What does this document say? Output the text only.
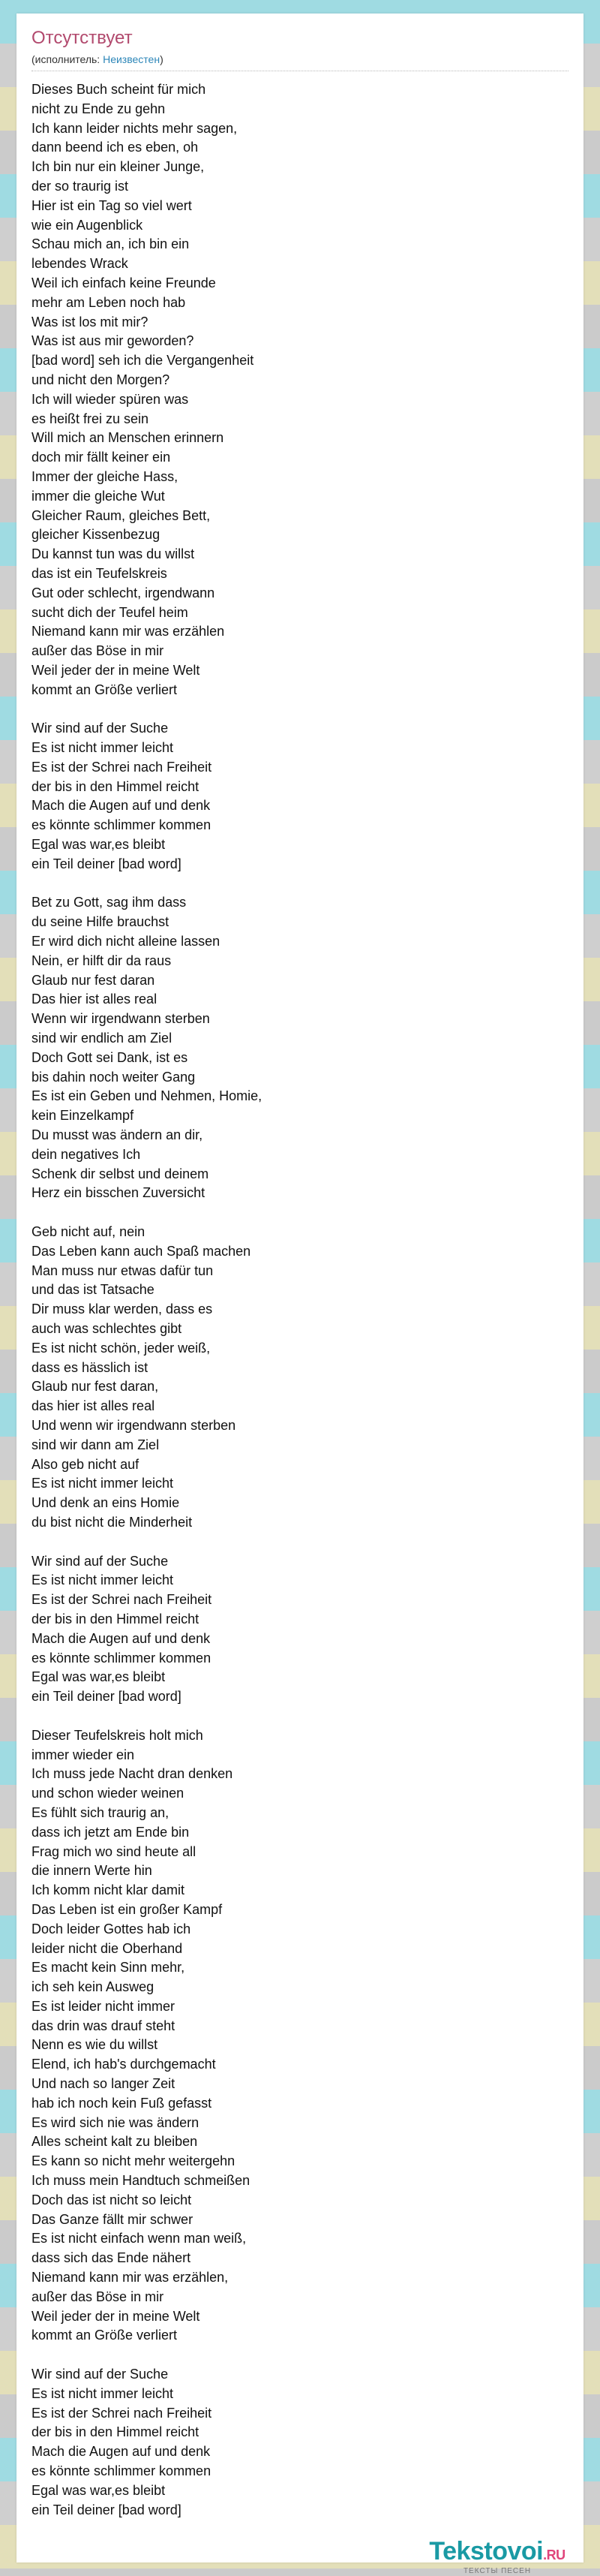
Отсутствует
(исполнитель: Неизвестен)
Dieses Buch scheint für mich
nicht zu Ende zu gehn
Ich kann leider nichts mehr sagen,
dann beend ich es eben, oh
Ich bin nur ein kleiner Junge,
der so traurig ist
Hier ist ein Tag so viel wert
wie ein Augenblick
Schau mich an, ich bin ein
lebendes Wrack
Weil ich einfach keine Freunde
mehr am Leben noch hab
Was ist los mit mir?
Was ist aus mir geworden?
[bad word] seh ich die Vergangenheit
und nicht den Morgen?
Ich will wieder spüren was
es heißt frei zu sein
Will mich an Menschen erinnern
doch mir fällt keiner ein
Immer der gleiche Hass,
immer die gleiche Wut
Gleicher Raum, gleiches Bett,
gleicher Kissenbezug
Du kannst tun was du willst
das ist ein Teufelskreis
Gut oder schlecht, irgendwann
sucht dich der Teufel heim
Niemand kann mir was erzählen
außer das Böse in mir
Weil jeder der in meine Welt
kommt an Größe verliert
Wir sind auf der Suche
Es ist nicht immer leicht
Es ist der Schrei nach Freiheit
der bis in den Himmel reicht
Mach die Augen auf und denk
es könnte schlimmer kommen
Egal was war,es bleibt
ein Teil deiner [bad word]
Bet zu Gott, sag ihm dass
du seine Hilfe brauchst
Er wird dich nicht alleine lassen
Nein, er hilft dir da raus
Glaub nur fest daran
Das hier ist alles real
Wenn wir irgendwann sterben
sind wir endlich am Ziel
Doch Gott sei Dank, ist es
bis dahin noch weiter Gang
Es ist ein Geben und Nehmen, Homie,
kein Einzelkampf
Du musst was ändern an dir,
dein negatives Ich
Schenk dir selbst und deinem
Herz ein bisschen Zuversicht
Geb nicht auf, nein
Das Leben kann auch Spaß machen
Man muss nur etwas dafür tun
und das ist Tatsache
Dir muss klar werden, dass es
auch was schlechtes gibt
Es ist nicht schön, jeder weiß,
dass es hässlich ist
Glaub nur fest daran,
das hier ist alles real
Und wenn wir irgendwann sterben
sind wir dann am Ziel
Also geb nicht auf
Es ist nicht immer leicht
Und denk an eins Homie
du bist nicht die Minderheit
Wir sind auf der Suche
Es ist nicht immer leicht
Es ist der Schrei nach Freiheit
der bis in den Himmel reicht
Mach die Augen auf und denk
es könnte schlimmer kommen
Egal was war,es bleibt
ein Teil deiner [bad word]
Dieser Teufelskreis holt mich
immer wieder ein
Ich muss jede Nacht dran denken
und schon wieder weinen
Es fühlt sich traurig an,
dass ich jetzt am Ende bin
Frag mich wo sind heute all
die innern Werte hin
Ich komm nicht klar damit
Das Leben ist ein großer Kampf
Doch leider Gottes hab ich
leider nicht die Oberhand
Es macht kein Sinn mehr,
ich seh kein Ausweg
Es ist leider nicht immer
das drin was drauf steht
Nenn es wie du willst
Elend, ich hab's durchgemacht
Und nach so langer Zeit
hab ich noch kein Fuß gefasst
Es wird sich nie was ändern
Alles scheint kalt zu bleiben
Es kann so nicht mehr weitergehn
Ich muss mein Handtuch schmeißen
Doch das ist nicht so leicht
Das Ganze fällt mir schwer
Es ist nicht einfach wenn man weiß,
dass sich das Ende nähert
Niemand kann mir was erzählen,
außer das Böse in mir
Weil jeder der in meine Welt
kommt an Größe verliert
Wir sind auf der Suche
Es ist nicht immer leicht
Es ist der Schrei nach Freiheit
der bis in den Himmel reicht
Mach die Augen auf und denk
es könnte schlimmer kommen
Egal was war,es bleibt
ein Teil deiner [bad word]
Tekstovoi.RU
ТЕКСТЫ ПЕСЕН
